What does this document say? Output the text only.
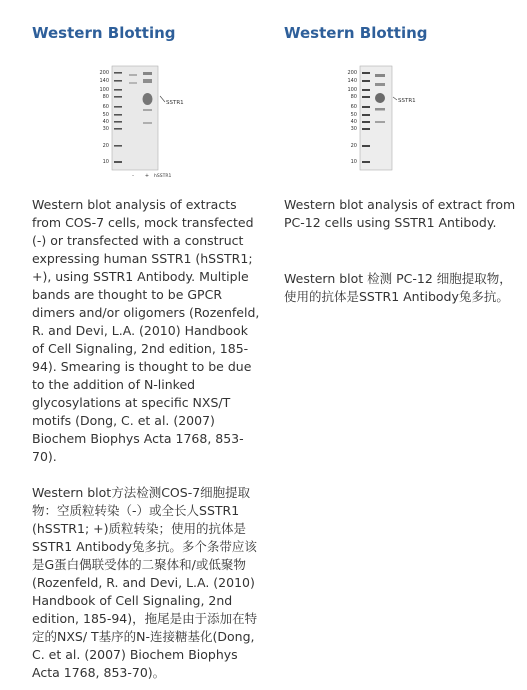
Western Blotting
200
140
100
80
60
50
40
30
20
10
SSTR1
- + hSSTR1

Western blot analysis of extracts from COS-7 cells, mock transfected (-) or transfected with a construct expressing human SSTR1 (hSSTR1; +), using SSTR1 Antibody. Multiple bands are thought to be GPCR dimers and/or oligomers (Rozenfeld, R. and Devi, L.A. (2010) Handbook of Cell Signaling, 2nd edition, 185-94). Smearing is thought to be due to the addition of N-linked glycosylations at specific NXS/T motifs (Dong, C. et al. (2007) Biochem Biophys Acta 1768, 853-70).

Western blot方法检测COS-7细胞提取物：空质粒转染（-）或全长人SSTR1 (hSSTR1; +)质粒转染；使用的抗体是SSTR1 Antibody兔多抗。多个条带应该是G蛋白偶联受体的二聚体和/或低聚物(Rozenfeld, R. and Devi, L.A. (2010) Handbook of Cell Signaling, 2nd edition, 185-94)，拖尾是由于添加在特定的NXS/ T基序的N-连接糖基化(Dong, C. et al. (2007) Biochem Biophys Acta 1768, 853-70)。

Western Blotting
200
140
100
80
60
50
40
30
20
10
SSTR1

Western blot analysis of extract from PC-12 cells using SSTR1 Antibody.

Western blot 检测 PC-12 细胞提取物，使用的抗体是SSTR1 Antibody兔多抗。
